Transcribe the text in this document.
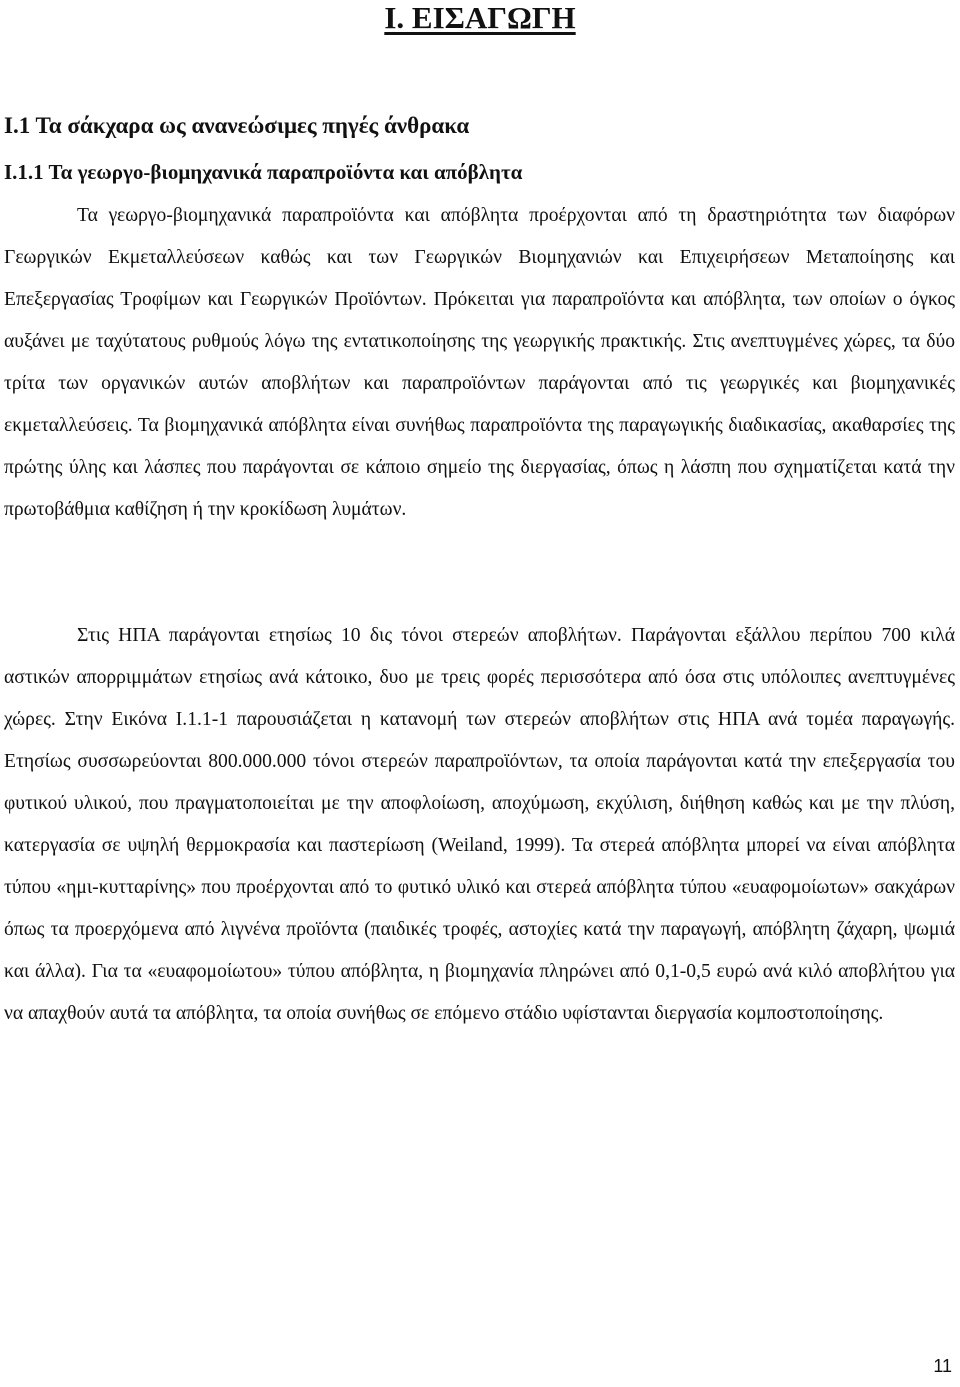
Ι. ΕΙΣΑΓΩΓΗ
Ι.1 Τα σάκχαρα ως ανανεώσιμες πηγές άνθρακα
Ι.1.1 Τα γεωργο-βιομηχανικά παραπροϊόντα και απόβλητα

Τα γεωργο-βιομηχανικά παραπροϊόντα και απόβλητα προέρχονται από τη δραστηριότητα των διαφόρων Γεωργικών Εκμεταλλεύσεων καθώς και των Γεωργικών Βιομηχανιών και Επιχειρήσεων Μεταποίησης και Επεξεργασίας Τροφίμων και Γεωργικών Προϊόντων. Πρόκειται για παραπροϊόντα και απόβλητα, των οποίων ο όγκος αυξάνει με ταχύτατους ρυθμούς λόγω της εντατικοποίησης της γεωργικής πρακτικής. Στις ανεπτυγμένες χώρες, τα δύο τρίτα των οργανικών αυτών αποβλήτων και παραπροϊόντων παράγονται από τις γεωργικές και βιομηχανικές εκμεταλλεύσεις. Τα βιομηχανικά απόβλητα είναι συνήθως παραπροϊόντα της παραγωγικής διαδικασίας, ακαθαρσίες της πρώτης ύλης και λάσπες που παράγονται σε κάποιο σημείο της διεργασίας, όπως η λάσπη που σχηματίζεται κατά την πρωτοβάθμια καθίζηση ή την κροκίδωση λυμάτων.

Στις ΗΠΑ παράγονται ετησίως 10 δις τόνοι στερεών αποβλήτων. Παράγονται εξάλλου περίπου 700 κιλά αστικών απορριμμάτων ετησίως ανά κάτοικο, δυο με τρεις φορές περισσότερα από όσα στις υπόλοιπες ανεπτυγμένες χώρες. Στην Εικόνα Ι.1.1-1 παρουσιάζεται η κατανομή των στερεών αποβλήτων στις ΗΠΑ ανά τομέα παραγωγής. Ετησίως συσσωρεύονται 800.000.000 τόνοι στερεών παραπροϊόντων, τα οποία παράγονται κατά την επεξεργασία του φυτικού υλικού, που πραγματοποιείται με την αποφλοίωση, αποχύμωση, εκχύλιση, διήθηση καθώς και με την πλύση, κατεργασία σε υψηλή θερμοκρασία και παστερίωση (Weiland, 1999). Τα στερεά απόβλητα μπορεί να είναι απόβλητα τύπου «ημι-κυτταρίνης» που προέρχονται από το φυτικό υλικό και στερεά απόβλητα τύπου «ευαφομοίωτων» σακχάρων όπως τα προερχόμενα από λιγνένα προϊόντα (παιδικές τροφές, αστοχίες κατά την παραγωγή, απόβλητη ζάχαρη, ψωμιά και άλλα). Για τα «ευαφομοίωτου» τύπου απόβλητα, η βιομηχανία πληρώνει από 0,1-0,5 ευρώ ανά κιλό αποβλήτου για να απαχθούν αυτά τα απόβλητα, τα οποία συνήθως σε επόμενο στάδιο υφίστανται διεργασία κομποστοποίησης.

11
